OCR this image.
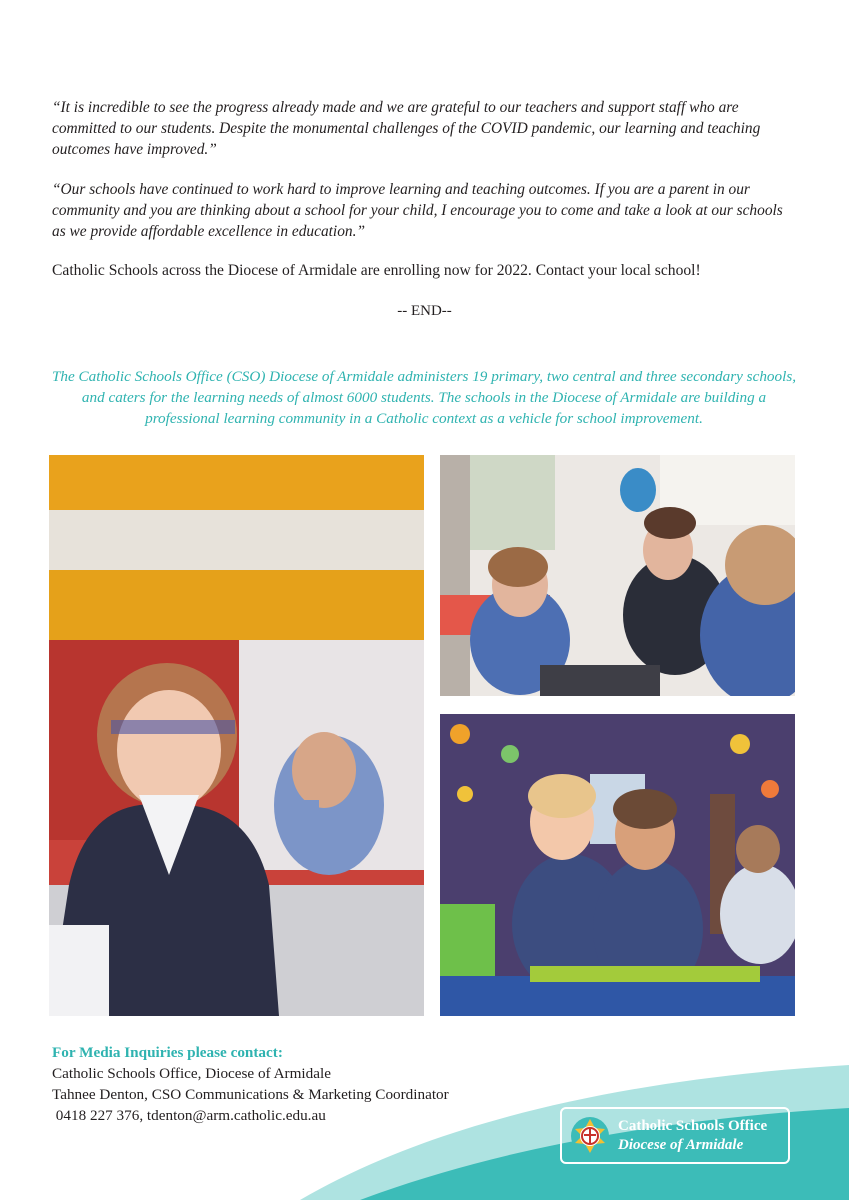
“It is incredible to see the progress already made and we are grateful to our teachers and support staff who are committed to our students. Despite the monumental challenges of the COVID pandemic, our learning and teaching outcomes have improved.”

“Our schools have continued to work hard to improve learning and teaching outcomes. If you are a parent in our community and you are thinking about a school for your child, I encourage you to come and take a look at our schools as we provide affordable excellence in education.”

Catholic Schools across the Diocese of Armidale are enrolling now for 2022. Contact your local school!

-- END--

The Catholic Schools Office (CSO) Diocese of Armidale administers 19 primary, two central and three secondary schools, and caters for the learning needs of almost 6000 students. The schools in the Diocese of Armidale are building a professional learning community in a Catholic context as a vehicle for school improvement.

For Media Inquiries please contact:
Catholic Schools Office, Diocese of Armidale
Tahnee Denton, CSO Communications & Marketing Coordinator
0418 227 376, tdenton@arm.catholic.edu.au
Catholic Schools Office
Diocese of Armidale
